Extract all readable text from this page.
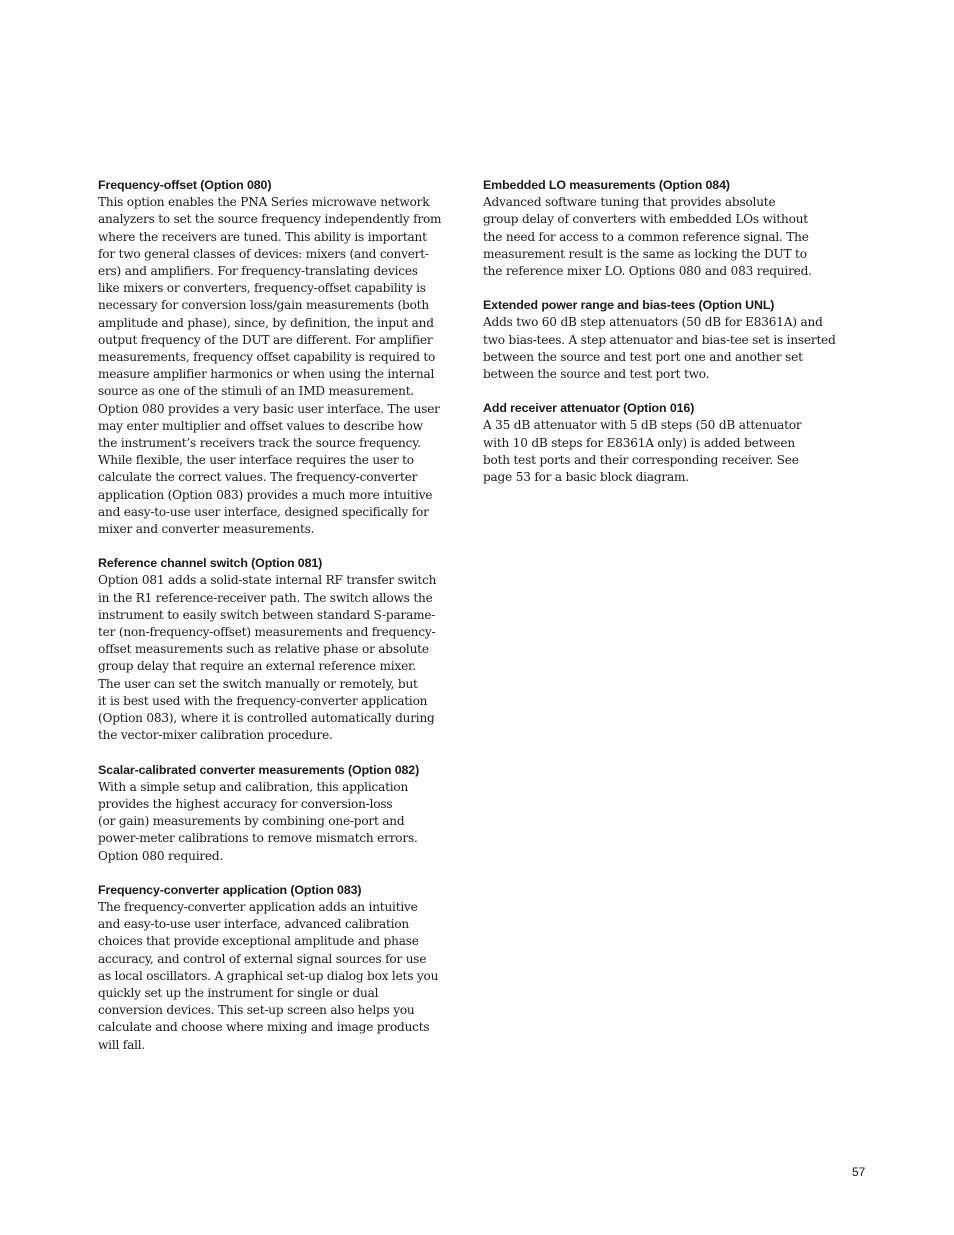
Frequency-offset (Option 080)
This option enables the PNA Series microwave network
analyzers to set the source frequency independently from
where the receivers are tuned. This ability is important
for two general classes of devices: mixers (and convert-
ers) and amplifiers. For frequency-translating devices
like mixers or converters, frequency-offset capability is
necessary for conversion loss/gain measurements (both
amplitude and phase), since, by definition, the input and
output frequency of the DUT are different. For amplifier
measurements, frequency offset capability is required to
measure amplifier harmonics or when using the internal
source as one of the stimuli of an IMD measurement.
Option 080 provides a very basic user interface. The user
may enter multiplier and offset values to describe how
the instrument’s receivers track the source frequency.
While flexible, the user interface requires the user to
calculate the correct values. The frequency-converter
application (Option 083) provides a much more intuitive
and easy-to-use user interface, designed specifically for
mixer and converter measurements.
Reference channel switch (Option 081)
Option 081 adds a solid-state internal RF transfer switch
in the R1 reference-receiver path. The switch allows the
instrument to easily switch between standard S-parame-
ter (non-frequency-offset) measurements and frequency-
offset measurements such as relative phase or absolute
group delay that require an external reference mixer.
The user can set the switch manually or remotely, but
it is best used with the frequency-converter application
(Option 083), where it is controlled automatically during
the vector-mixer calibration procedure.
Scalar-calibrated converter measurements (Option 082)
With a simple setup and calibration, this application
provides the highest accuracy for conversion-loss
(or gain) measurements by combining one-port and
power-meter calibrations to remove mismatch errors.
Option 080 required.
Frequency-converter application (Option 083)
The frequency-converter application adds an intuitive
and easy-to-use user interface, advanced calibration
choices that provide exceptional amplitude and phase
accuracy, and control of external signal sources for use
as local oscillators. A graphical set-up dialog box lets you
quickly set up the instrument for single or dual
conversion devices. This set-up screen also helps you
calculate and choose where mixing and image products
will fall.
Embedded LO measurements (Option 084)
Advanced software tuning that provides absolute
group delay of converters with embedded LOs without
the need for access to a common reference signal. The
measurement result is the same as locking the DUT to
the reference mixer LO. Options 080 and 083 required.
Extended power range and bias-tees (Option UNL)
Adds two 60 dB step attenuators (50 dB for E8361A) and
two bias-tees. A step attenuator and bias-tee set is inserted
between the source and test port one and another set
between the source and test port two.
Add receiver attenuator (Option 016)
A 35 dB attenuator with 5 dB steps (50 dB attenuator
with 10 dB steps for E8361A only) is added between
both test ports and their corresponding receiver. See
page 53 for a basic block diagram.
57
